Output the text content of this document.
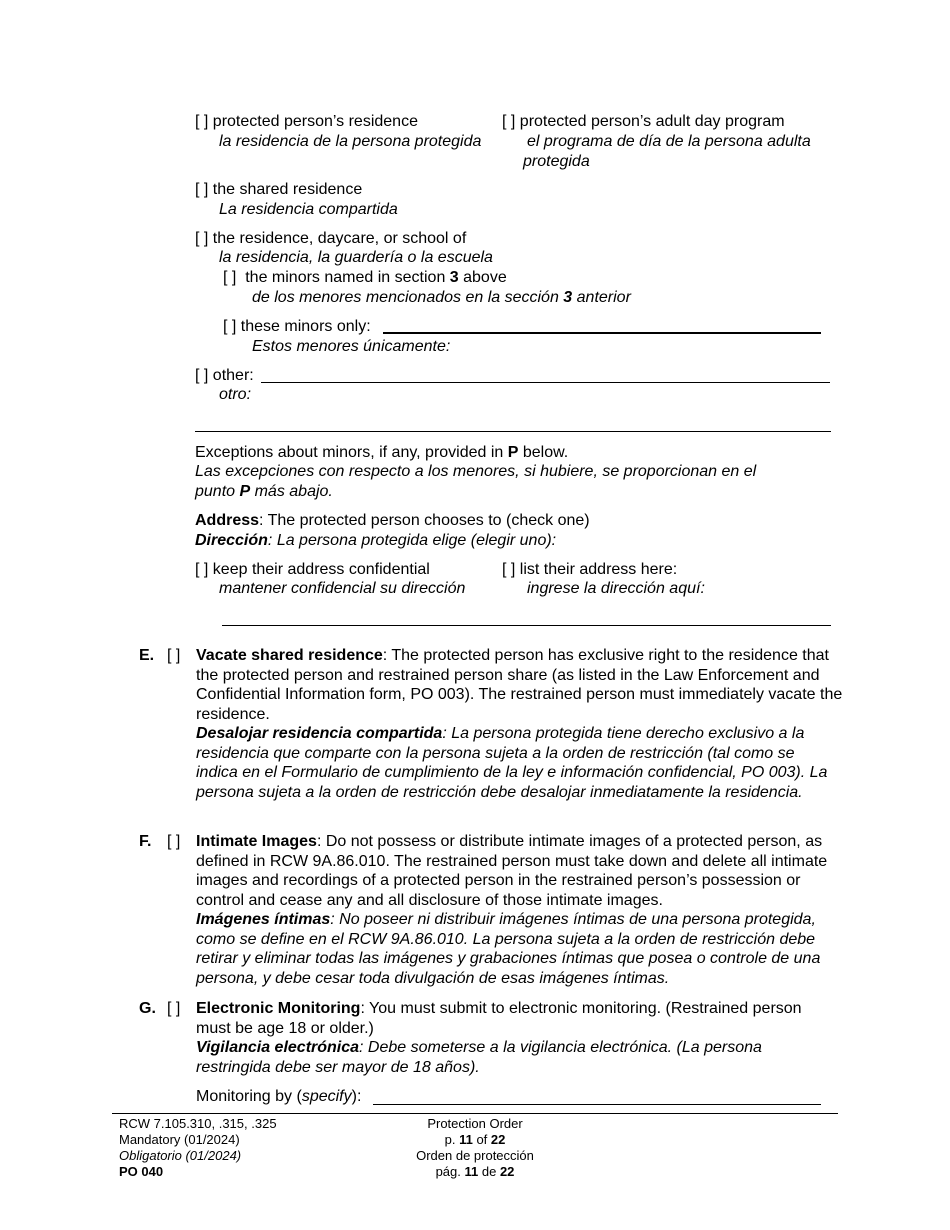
[ ] protected person’s residence
la residencia de la persona protegida
[ ] protected person’s adult day program
el programa de día de la persona adulta
protegida
[ ] the shared residence
La residencia compartida
[ ] the residence, daycare, or school of
la residencia, la guardería o la escuela
[ ] the minors named in section 3 above
de los menores mencionados en la sección 3 anterior
[ ] these minors only:
Estos menores únicamente:
[ ] other:
otro:
Exceptions about minors, if any, provided in P below.
Las excepciones con respecto a los menores, si hubiere, se proporcionan en el
punto P más abajo.
Address: The protected person chooses to (check one)
Dirección: La persona protegida elige (elegir uno):
[ ] keep their address confidential
mantener confidencial su dirección
[ ] list their address here:
ingrese la dirección aquí:
E. [ ] Vacate shared residence: The protected person has exclusive right to the residence that the protected person and restrained person share (as listed in the Law Enforcement and Confidential Information form, PO 003). The restrained person must immediately vacate the residence.
Desalojar residencia compartida: La persona protegida tiene derecho exclusivo a la residencia que comparte con la persona sujeta a la orden de restricción (tal como se indica en el Formulario de cumplimiento de la ley e información confidencial, PO 003). La persona sujeta a la orden de restricción debe desalojar inmediatamente la residencia.
F. [ ] Intimate Images: Do not possess or distribute intimate images of a protected person, as defined in RCW 9A.86.010. The restrained person must take down and delete all intimate images and recordings of a protected person in the restrained person’s possession or control and cease any and all disclosure of those intimate images.
Imágenes íntimas: No poseer ni distribuir imágenes íntimas de una persona protegida, como se define en el RCW 9A.86.010. La persona sujeta a la orden de restricción debe retirar y eliminar todas las imágenes y grabaciones íntimas que posea o controle de una persona, y debe cesar toda divulgación de esas imágenes íntimas.
G. [ ] Electronic Monitoring: You must submit to electronic monitoring. (Restrained person must be age 18 or older.)
Vigilancia electrónica: Debe someterse a la vigilancia electrónica. (La persona restringida debe ser mayor de 18 años).
Monitoring by (specify):
RCW 7.105.310, .315, .325
Mandatory (01/2024)
Obligatorio (01/2024)
PO 040
Protection Order
p. 11 of 22
Orden de protección
pág. 11 de 22
